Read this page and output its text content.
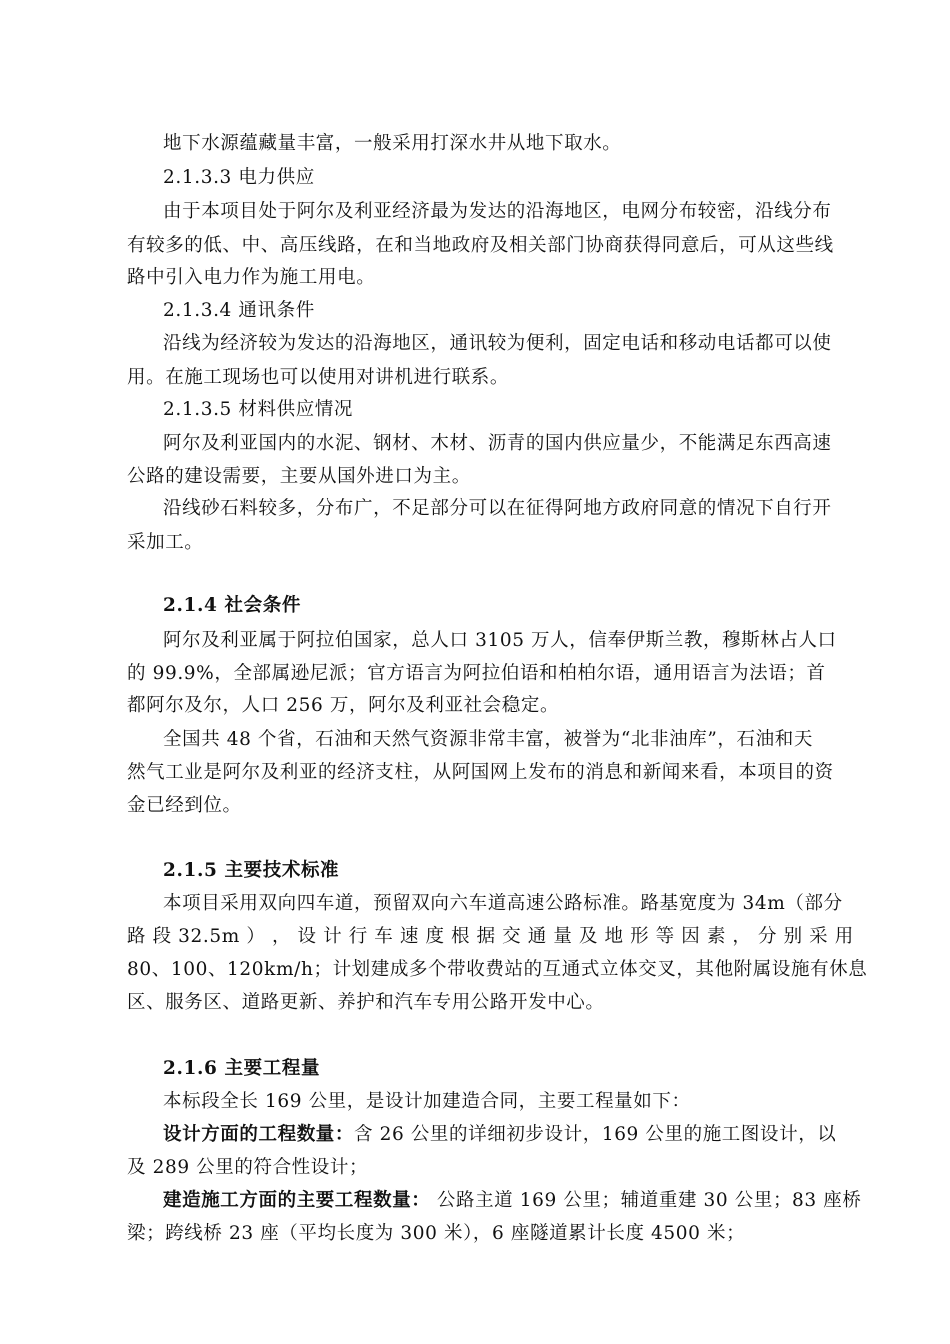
地下水源蕴藏量丰富，一般采用打深水井从地下取水。
2.1.3.3 电力供应
由于本项目处于阿尔及利亚经济最为发达的沿海地区，电网分布较密，沿线分布
有较多的低、中、高压线路，在和当地政府及相关部门协商获得同意后，可从这些线
路中引入电力作为施工用电。
2.1.3.4 通讯条件
沿线为经济较为发达的沿海地区，通讯较为便利，固定电话和移动电话都可以使
用。在施工现场也可以使用对讲机进行联系。
2.1.3.5 材料供应情况
阿尔及利亚国内的水泥、钢材、木材、沥青的国内供应量少，不能满足东西高速
公路的建设需要，主要从国外进口为主。
沿线砂石料较多，分布广，不足部分可以在征得阿地方政府同意的情况下自行开
采加工。
2.1.4 社会条件
阿尔及利亚属于阿拉伯国家，总人口 3105 万人，信奉伊斯兰教，穆斯林占人口
的 99.9%，全部属逊尼派；官方语言为阿拉伯语和柏柏尔语，通用语言为法语；首
都阿尔及尔，人口 256 万，阿尔及利亚社会稳定。
全国共 48 个省，石油和天然气资源非常丰富，被誉为“北非油库”，石油和天
然气工业是阿尔及利亚的经济支柱，从阿国网上发布的消息和新闻来看，本项目的资
金已经到位。
2.1.5 主要技术标准
本项目采用双向四车道，预留双向六车道高速公路标准。路基宽度为 34m（部分
路 段 32.5m ） ， 设 计 行 车 速 度 根 据 交 通 量 及 地 形 等 因 素 ， 分 别 采 用
80、100、120km/h；计划建成多个带收费站的互通式立体交叉，其他附属设施有休息
区、服务区、道路更新、养护和汽车专用公路开发中心。
2.1.6 主要工程量
本标段全长 169 公里，是设计加建造合同，主要工程量如下：
设计方面的工程数量：含 26 公里的详细初步设计，169 公里的施工图设计，以
及 289 公里的符合性设计；
建造施工方面的主要工程数量： 公路主道 169 公里；辅道重建 30 公里；83 座桥
梁；跨线桥 23 座（平均长度为 300 米），6 座隧道累计长度 4500 米；
